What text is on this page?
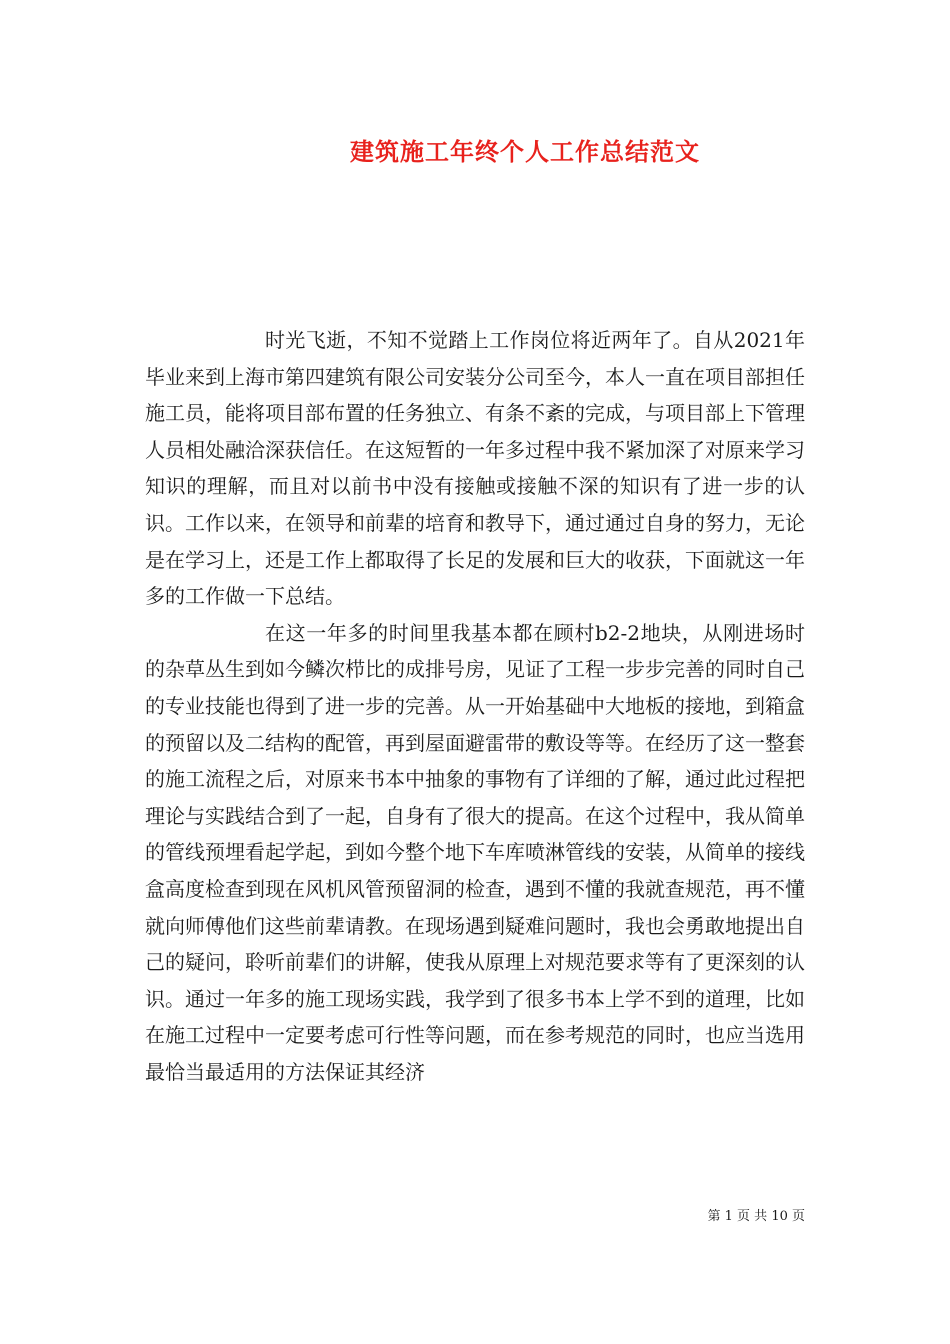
建筑施工年终个人工作总结范文

时光飞逝，不知不觉踏上工作岗位将近两年了。自从2021年毕业来到上海市第四建筑有限公司安装分公司至今，本人一直在项目部担任施工员，能将项目部布置的任务独立、有条不紊的完成，与项目部上下管理人员相处融洽深获信任。在这短暂的一年多过程中我不紧加深了对原来学习知识的理解，而且对以前书中没有接触或接触不深的知识有了进一步的认识。工作以来，在领导和前辈的培育和教导下，通过通过自身的努力，无论是在学习上，还是工作上都取得了长足的发展和巨大的收获，下面就这一年多的工作做一下总结。

在这一年多的时间里我基本都在顾村b2-2地块，从刚进场时的杂草丛生到如今鳞次栉比的成排号房，见证了工程一步步完善的同时自己的专业技能也得到了进一步的完善。从一开始基础中大地板的接地，到箱盒的预留以及二结构的配管，再到屋面避雷带的敷设等等。在经历了这一整套的施工流程之后，对原来书本中抽象的事物有了详细的了解，通过此过程把理论与实践结合到了一起，自身有了很大的提高。在这个过程中，我从简单的管线预埋看起学起，到如今整个地下车库喷淋管线的安装，从简单的接线盒高度检查到现在风机风管预留洞的检查，遇到不懂的我就查规范，再不懂就向师傅他们这些前辈请教。在现场遇到疑难问题时，我也会勇敢地提出自己的疑问，聆听前辈们的讲解，使我从原理上对规范要求等有了更深刻的认识。通过一年多的施工现场实践，我学到了很多书本上学不到的道理，比如在施工过程中一定要考虑可行性等问题，而在参考规范的同时，也应当选用最恰当最适用的方法保证其经济

第 1 页 共 10 页
